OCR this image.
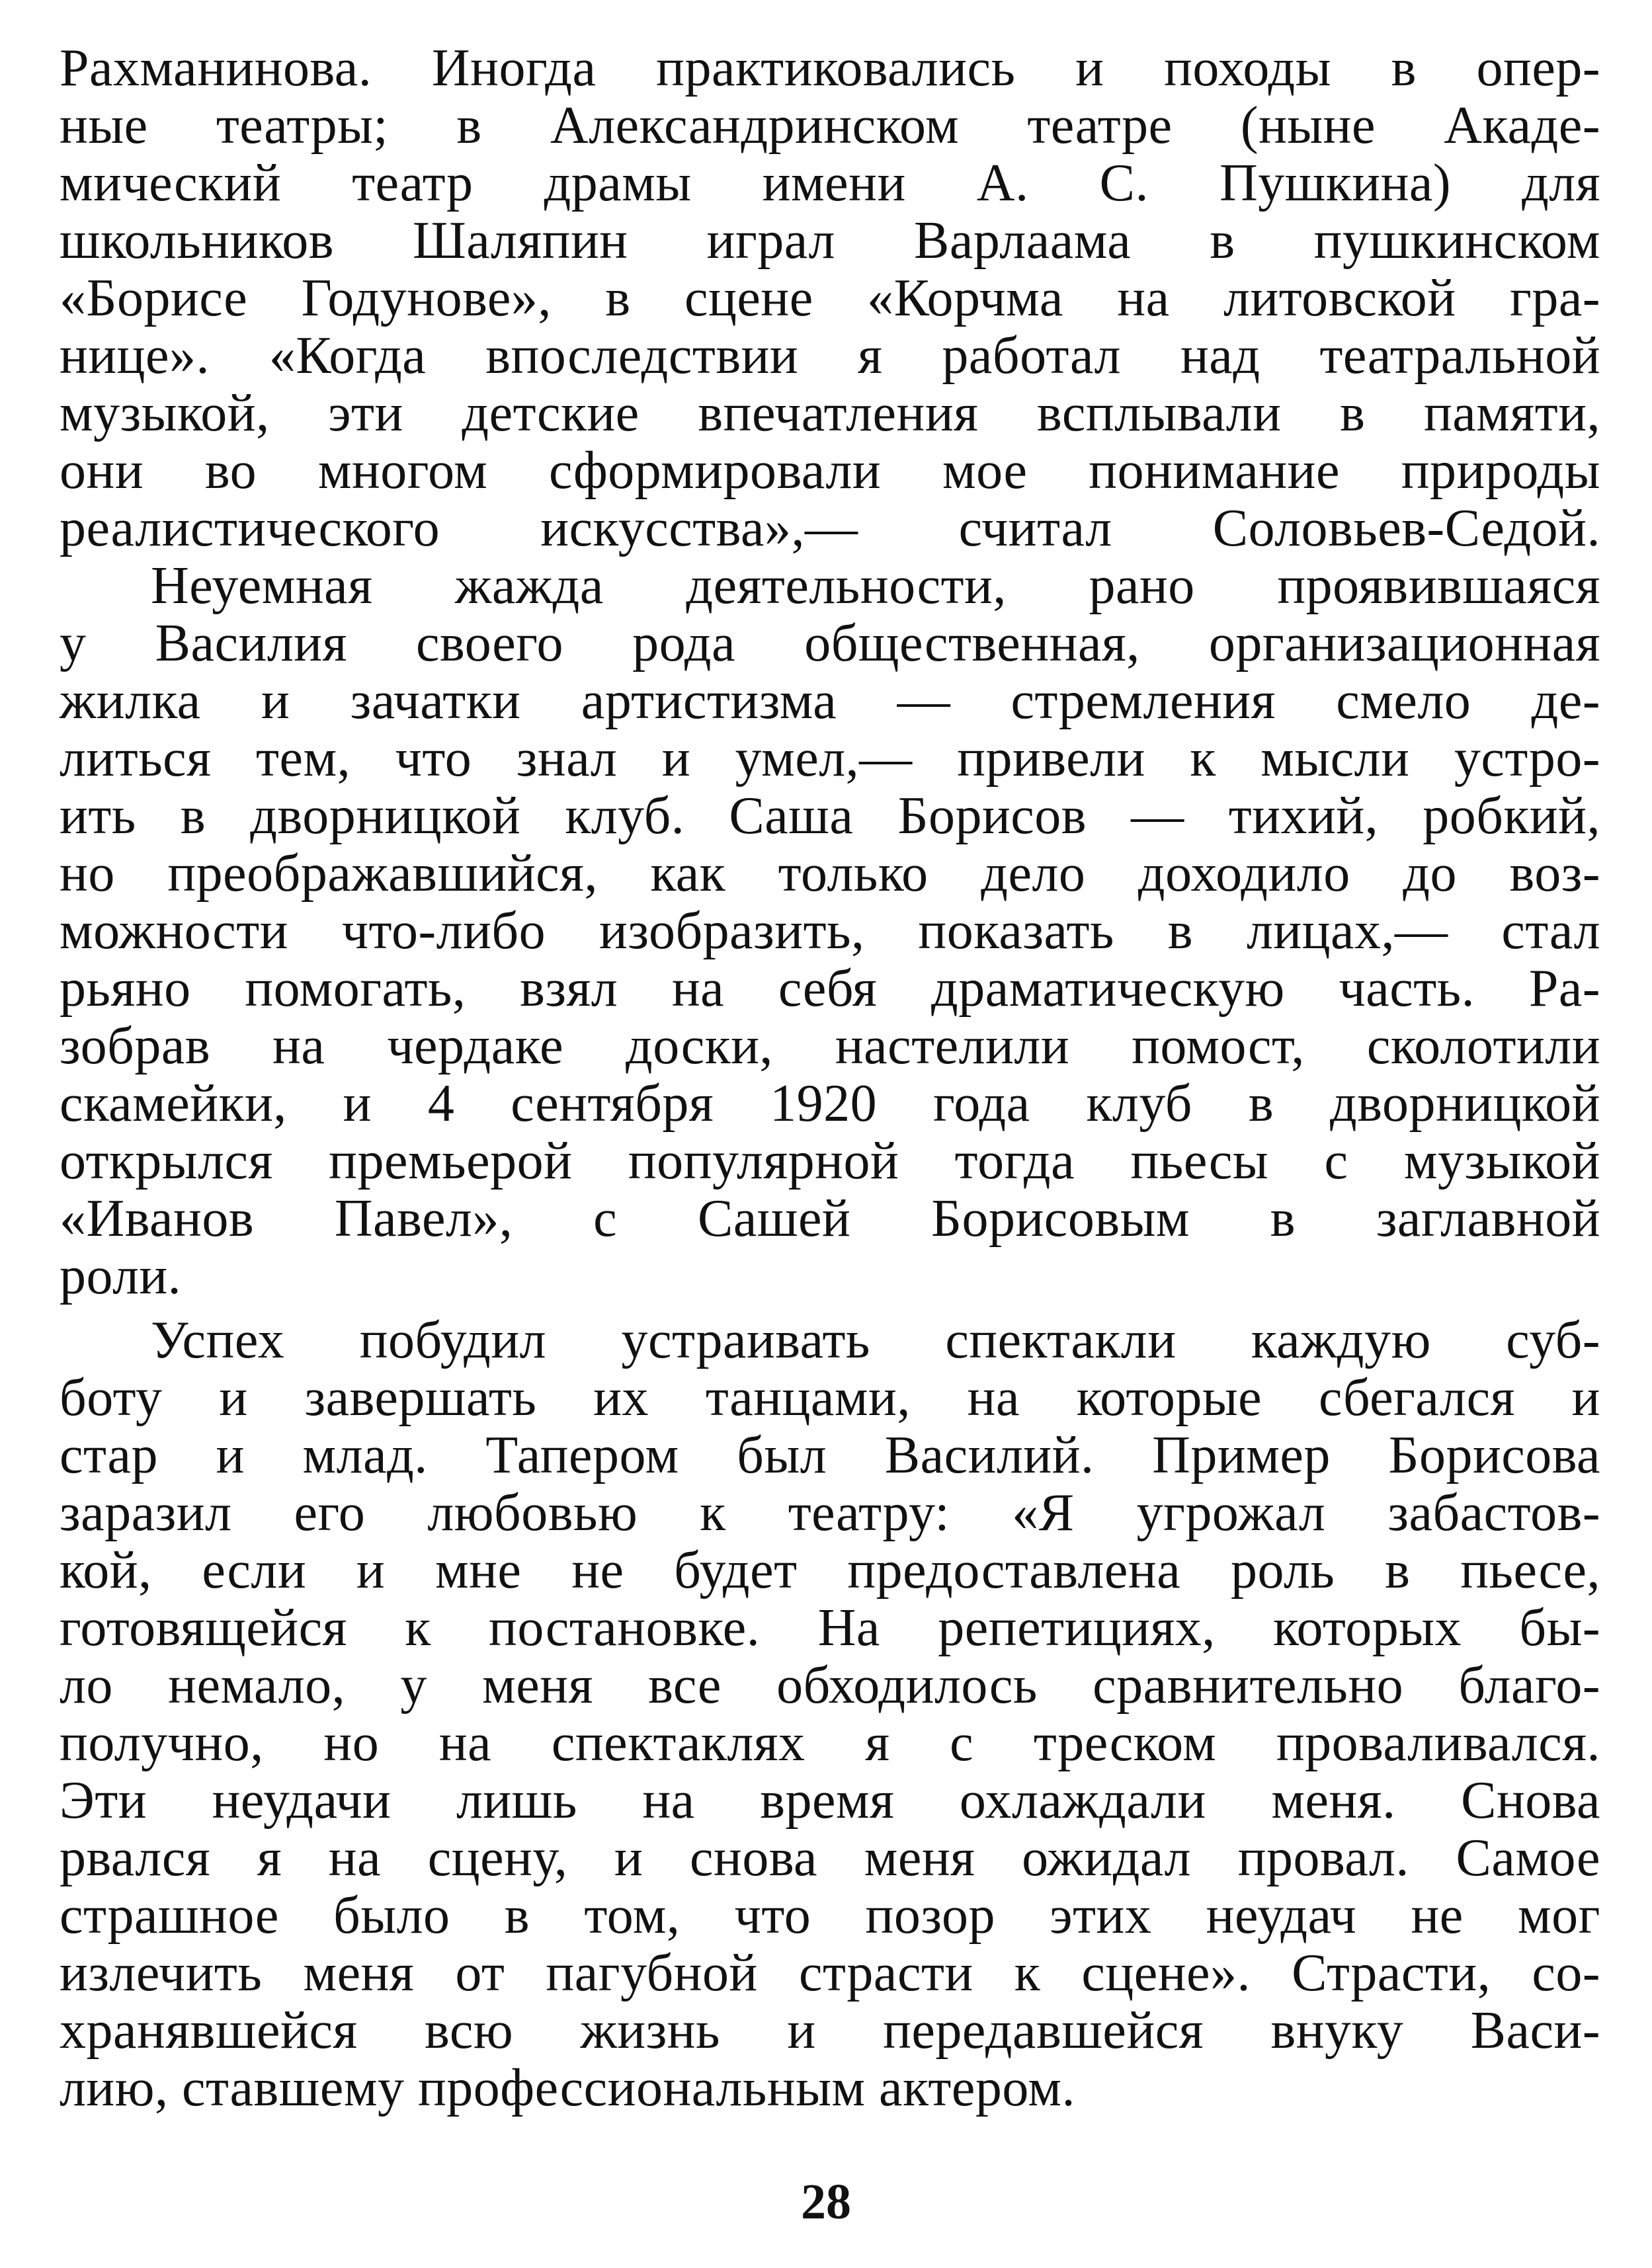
Рахманинова. Иногда практиковались и походы в опер-
ные театры; в Александринском театре (ныне Акаде-
мический театр драмы имени А. С. Пушкина) для
школьников Шаляпин играл Варлаама в пушкинском
«Борисе Годунове», в сцене «Корчма на литовской гра-
нице». «Когда впоследствии я работал над театральной
музыкой, эти детские впечатления всплывали в памяти,
они во многом сформировали мое понимание природы
реалистического искусства»,— считал Соловьев-Седой.
Неуемная жажда деятельности, рано проявившаяся
у Василия своего рода общественная, организационная
жилка и зачатки артистизма — стремления смело де-
литься тем, что знал и умел,— привели к мысли устро-
ить в дворницкой клуб. Саша Борисов — тихий, робкий,
но преображавшийся, как только дело доходило до воз-
можности что-либо изобразить, показать в лицах,— стал
рьяно помогать, взял на себя драматическую часть. Ра-
зобрав на чердаке доски, настелили помост, сколотили
скамейки, и 4 сентября 1920 года клуб в дворницкой
открылся премьерой популярной тогда пьесы с музыкой
«Иванов Павел», с Сашей Борисовым в заглавной
роли.
Успех побудил устраивать спектакли каждую суб-
боту и завершать их танцами, на которые сбегался и
стар и млад. Тапером был Василий. Пример Борисова
заразил его любовью к театру: «Я угрожал забастов-
кой, если и мне не будет предоставлена роль в пьесе,
готовящейся к постановке. На репетициях, которых бы-
ло немало, у меня все обходилось сравнительно благо-
получно, но на спектаклях я с треском проваливался.
Эти неудачи лишь на время охлаждали меня. Снова
рвался я на сцену, и снова меня ожидал провал. Самое
страшное было в том, что позор этих неудач не мог
излечить меня от пагубной страсти к сцене». Страсти, со-
хранявшейся всю жизнь и передавшейся внуку Васи-
лию, ставшему профессиональным актером.
28
